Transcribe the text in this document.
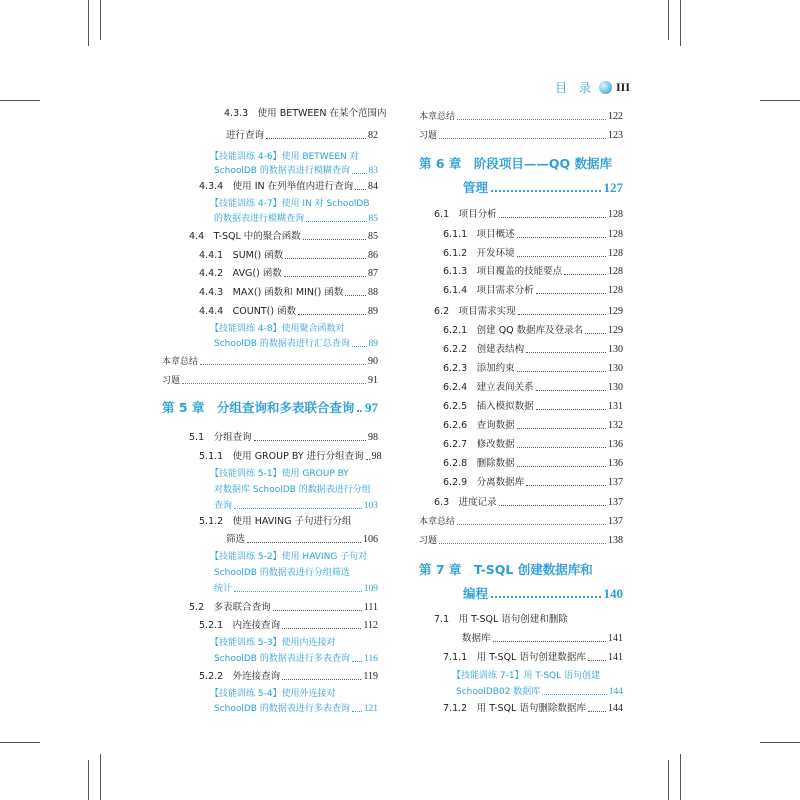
目 录 III
4.3.3　使用 BETWEEN 在某个范围内
进行查询	82
【技能训练 4-6】使用 BETWEEN 对
SchoolDB 的数据表进行模糊查询 83
4.3.4　使用 IN 在列举值内进行查询 84
【技能训练 4-7】使用 IN 对 SchoolDB
的数据表进行模糊查询	85
4.4　T-SQL 中的聚合函数	85
4.4.1　SUM() 函数	86
4.4.2　AVG() 函数	87
4.4.3　MAX() 函数和 MIN() 函数 88
4.4.4　COUNT() 函数	89
【技能训练 4-8】使用聚合函数对
SchoolDB 的数据表进行汇总查询 89
本章总结	90
习题	91
第 5 章　分组查询和多表联合查询 97
5.1　分组查询	98
5.1.1　使用 GROUP BY 进行分组查询 98
【技能训练 5-1】使用 GROUP BY
对数据库 SchoolDB 的数据表进行分组
查询	103
5.1.2　使用 HAVING 子句进行分组
筛选	106
【技能训练 5-2】使用 HAVING 子句对
SchoolDB 的数据表进行分组筛选
统计	109
5.2　多表联合查询	111
5.2.1　内连接查询	112
【技能训练 5-3】使用内连接对
SchoolDB 的数据表进行多表查询 116
5.2.2　外连接查询	119
【技能训练 5-4】使用外连接对
SchoolDB 的数据表进行多表查询 121
本章总结	122
习题	123
第 6 章　阶段项目——QQ 数据库
管理	127
6.1　项目分析	128
6.1.1　项目概述	128
6.1.2　开发环境	128
6.1.3　项目覆盖的技能要点	128
6.1.4　项目需求分析	128
6.2　项目需求实现	129
6.2.1　创建 QQ 数据库及登录名 129
6.2.2　创建表结构	130
6.2.3　添加约束	130
6.2.4　建立表间关系	130
6.2.5　插入模拟数据	131
6.2.6　查询数据	132
6.2.7　修改数据	136
6.2.8　删除数据	136
6.2.9　分离数据库	137
6.3　进度记录	137
本章总结	137
习题	138
第 7 章　T-SQL 创建数据库和
编程	140
7.1　用 T-SQL 语句创建和删除
数据库	141
7.1.1　用 T-SQL 语句创建数据库 141
【技能训练 7-1】用 T-SQL 语句创建
SchoolDB02 数据库	144
7.1.2　用 T-SQL 语句删除数据库 144
